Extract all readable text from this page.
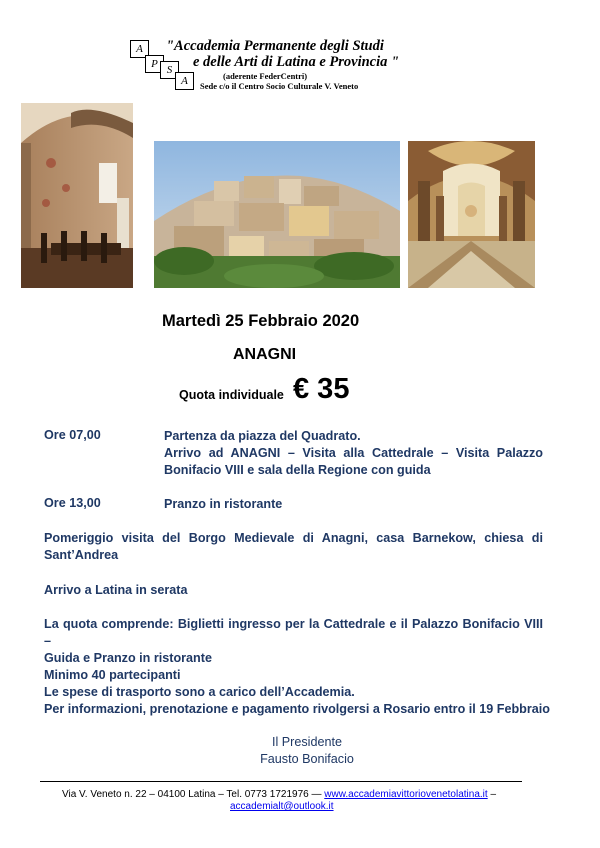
A
P S
A
"Accademia Permanente degli Studi
e delle Arti di Latina e Provincia "
(aderente FederCentri)
Sede c/o il Centro Socio Culturale V. Veneto
Martedì 25 Febbraio 2020
ANAGNI
Quota individuale € 35
Ore 07,00	Partenza da piazza del Quadrato.
Arrivo ad ANAGNI – Visita alla Cattedrale – Visita Palazzo
Bonifacio VIII e sala della Regione con guida
Ore 13,00	Pranzo in ristorante
Pomeriggio visita del Borgo Medievale di Anagni, casa Barnekow, chiesa di
Sant’Andrea
Arrivo a Latina in serata
La quota comprende: Biglietti ingresso per la Cattedrale e il Palazzo Bonifacio VIII –
Guida e Pranzo in ristorante
Minimo 40 partecipanti
Le spese di trasporto sono a carico dell’Accademia.
Per informazioni, prenotazione e pagamento rivolgersi a Rosario entro il 19 Febbraio
Il Presidente
Fausto Bonifacio
Via V. Veneto n. 22 – 04100 Latina – Tel. 0773 1721976 — www.accademiavittoriovenetolatina.it –
accademialt@outlook.it
